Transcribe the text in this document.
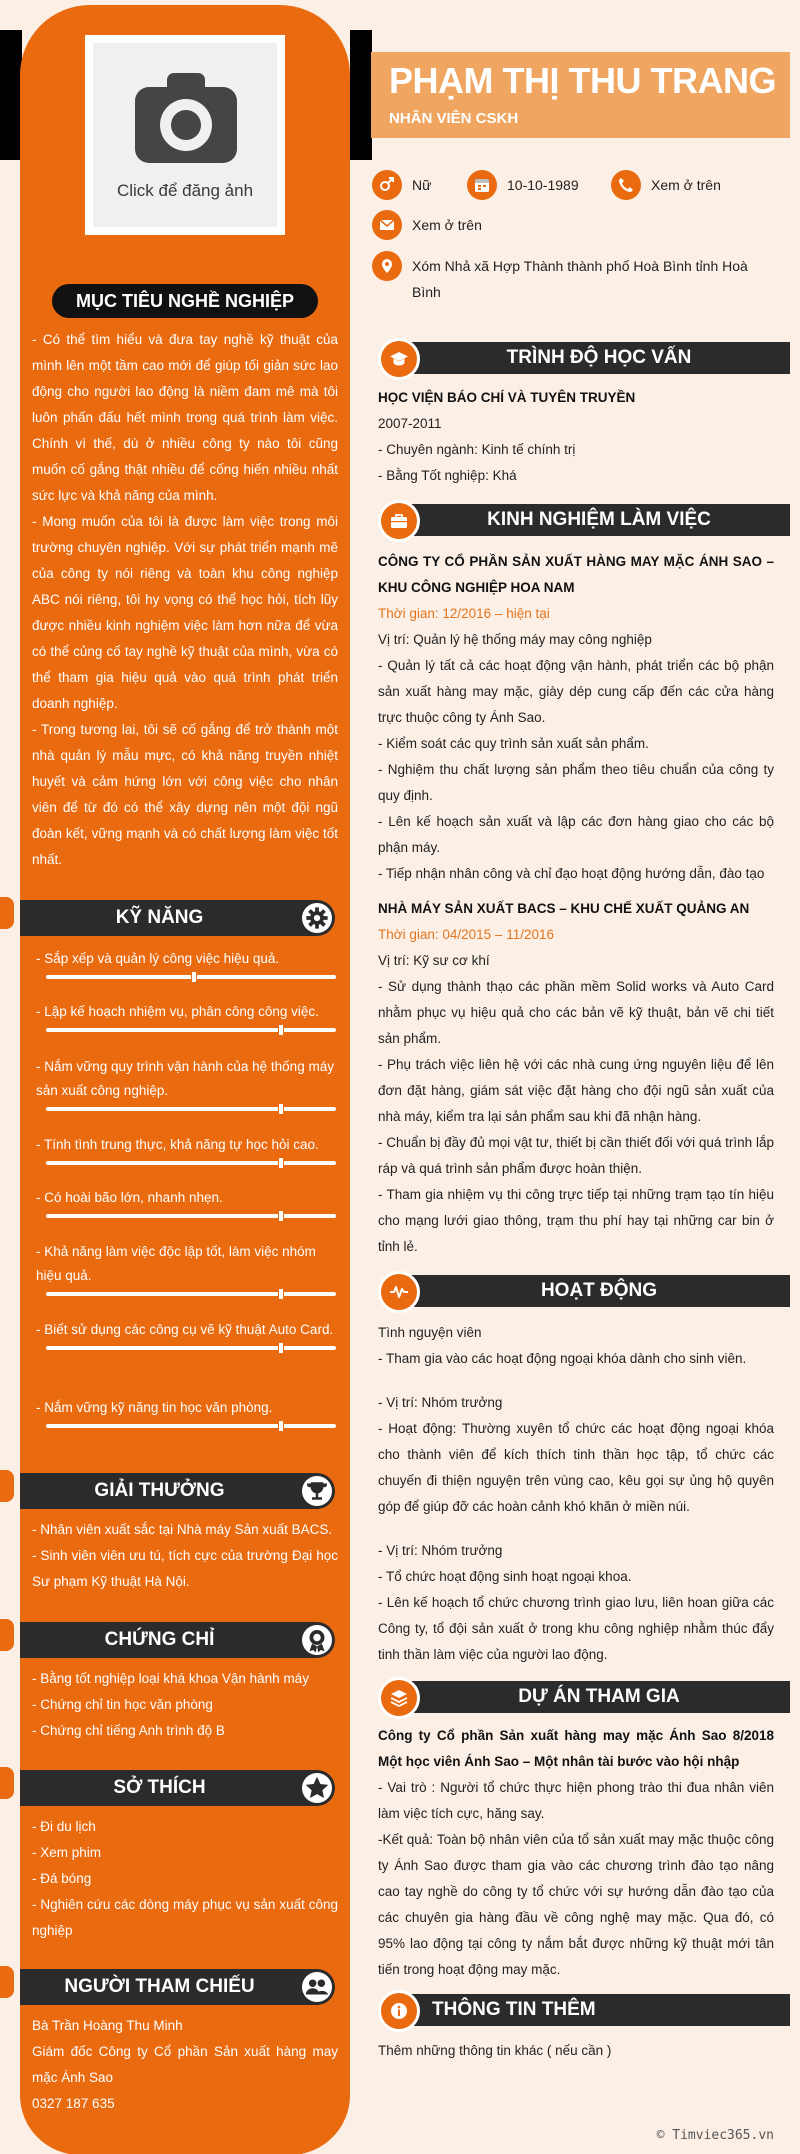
Click để đăng ảnh
MỤC TIÊU NGHỀ NGHIỆP

- Có thể tìm hiểu và đưa tay nghề kỹ thuật của mình lên một tầm cao mới để giúp tối giản sức lao động cho người lao động là niềm đam mê mà tôi luôn phấn đấu hết mình trong quá trình làm việc. Chính vì thế, dù ở nhiều công ty nào tôi cũng muốn cố gắng thật nhiều để cống hiến nhiều nhất sức lực và khả năng của mình.

- Mong muốn của tôi là được làm việc trong môi trường chuyên nghiệp. Với sự phát triển mạnh mẽ của công ty nói riêng và toàn khu công nghiệp ABC nói riêng, tôi hy vọng có thể học hỏi, tích lũy được nhiều kinh nghiệm việc làm hơn nữa để vừa có thể củng cố tay nghề kỹ thuật của mình, vừa có thể tham gia hiệu quả vào quá trình phát triển doanh nghiệp.

- Trong tương lai, tôi sẽ cố gắng để trở thành một nhà quản lý mẫu mực, có khả năng truyền nhiệt huyết và cảm hứng lớn với công việc cho nhân viên để từ đó có thể xây dựng nên một đội ngũ đoàn kết, vững mạnh và có chất lượng làm việc tốt nhất.

KỸ NĂNG
- Sắp xếp và quản lý công việc hiệu quả.
- Lập kế hoạch nhiệm vụ, phân công công việc.
- Nắm vững quy trình vận hành của hệ thống máy sản xuất công nghiệp.
- Tính tình trung thực, khả năng tự học hỏi cao.
- Có hoài bão lớn, nhanh nhẹn.
- Khả năng làm việc độc lập tốt, làm việc nhóm hiệu quả.
- Biết sử dụng các công cụ vẽ kỹ thuật Auto Card.
- Nắm vững kỹ năng tin học văn phòng.
GIẢI THƯỞNG

- Nhân viên xuất sắc tại Nhà máy Sản xuất BACS.

- Sinh viên viên ưu tú, tích cực của trường Đại học Sư phạm Kỹ thuật Hà Nội.

CHỨNG CHỈ

- Bằng tốt nghiệp loại khá khoa Vận hành máy

- Chứng chỉ tin học văn phòng

- Chứng chỉ tiếng Anh trình độ B

SỞ THÍCH

- Đi du lịch

- Xem phim

- Đá bóng

- Nghiên cứu các dòng máy phục vụ sản xuất công nghiệp

NGƯỜI THAM CHIẾU

Bà Trần Hoàng Thu Minh

Giám đốc Công ty Cổ phần Sản xuất hàng may mặc Ánh Sao

0327 187 635

PHẠM THỊ THU TRANG
NHÂN VIÊN CSKH
Nữ	10-10-1989	Xem ở trên
Xem ở trên
Xóm Nhả xã Hợp Thành thành phố Hoà Bình tỉnh Hoà Bình
TRÌNH ĐỘ HỌC VẤN
HỌC VIỆN BÁO CHÍ VÀ TUYÊN TRUYỀN
2007-2011
- Chuyên ngành: Kinh tế chính trị
- Bằng Tốt nghiệp: Khá
KINH NGHIỆM LÀM VIỆC
CÔNG TY CỔ PHẦN SẢN XUẤT HÀNG MAY MẶC ÁNH SAO – KHU CÔNG NGHIỆP HOA NAM
Thời gian: 12/2016 – hiện tại
Vị trí: Quản lý hệ thống máy may công nghiệp
- Quản lý tất cả các hoạt động vận hành, phát triển các bộ phận sản xuất hàng may mặc, giày dép cung cấp đến các cửa hàng trực thuộc công ty Ánh Sao.
- Kiểm soát các quy trình sản xuất sản phẩm.
- Nghiệm thu chất lượng sản phẩm theo tiêu chuẩn của công ty quy định.
- Lên kế hoạch sản xuất và lập các đơn hàng giao cho các bộ phận máy.
- Tiếp nhận nhân công và chỉ đạo hoạt động hướng dẫn, đào tạo
NHÀ MÁY SẢN XUẤT BACS – KHU CHẾ XUẤT QUẢNG AN
Thời gian: 04/2015 – 11/2016
Vị trí: Kỹ sư cơ khí
- Sử dụng thành thạo các phần mềm Solid works và Auto Card nhằm phục vụ hiệu quả cho các bản vẽ kỹ thuật, bản vẽ chi tiết sản phẩm.
- Phụ trách việc liên hệ với các nhà cung ứng nguyên liệu để lên đơn đặt hàng, giám sát việc đặt hàng cho đội ngũ sản xuất của nhà máy, kiểm tra lại sản phẩm sau khi đã nhận hàng.
- Chuẩn bị đầy đủ mọi vật tư, thiết bị cần thiết đối với quá trình lắp ráp và quá trình sản phẩm được hoàn thiện.
- Tham gia nhiệm vụ thi công trực tiếp tại những trạm tạo tín hiệu cho mạng lưới giao thông, trạm thu phí hay tại những car bin ở tỉnh lẻ.
HOẠT ĐỘNG
Tình nguyện viên
- Tham gia vào các hoạt động ngoại khóa dành cho sinh viên.
- Vị trí: Nhóm trưởng
- Hoạt động: Thường xuyên tổ chức các hoạt động ngoại khóa cho thành viên để kích thích tinh thần học tập, tổ chức các chuyến đi thiện nguyện trên vùng cao, kêu gọi sự ủng hộ quyên góp để giúp đỡ các hoàn cảnh khó khăn ở miền núi.
- Vị trí: Nhóm trưởng
- Tổ chức hoạt động sinh hoạt ngoại khoa.
- Lên kế hoạch tổ chức chương trình giao lưu, liên hoan giữa các Công ty, tổ đội sản xuất ở trong khu công nghiệp nhằm thúc đẩy tinh thần làm việc của người lao động.
DỰ ÁN THAM GIA
Công ty Cổ phần Sản xuất hàng may mặc Ánh Sao 8/2018 Một học viên Ánh Sao – Một nhân tài bước vào hội nhập
- Vai trò : Người tổ chức thực hiện phong trào thi đua nhân viên làm việc tích cực, hăng say.
-Kết quả: Toàn bộ nhân viên của tổ sản xuất may mặc thuộc công ty Ánh Sao được tham gia vào các chương trình đào tạo nâng cao tay nghề do công ty tổ chức với sự hướng dẫn đào tạo của các chuyên gia hàng đầu về công nghệ may mặc. Qua đó, có 95% lao động tại công ty nắm bắt được những kỹ thuật mới tân tiến trong hoạt động may mặc.
THÔNG TIN THÊM
Thêm những thông tin khác ( nếu cần )
© Timviec365.vn
